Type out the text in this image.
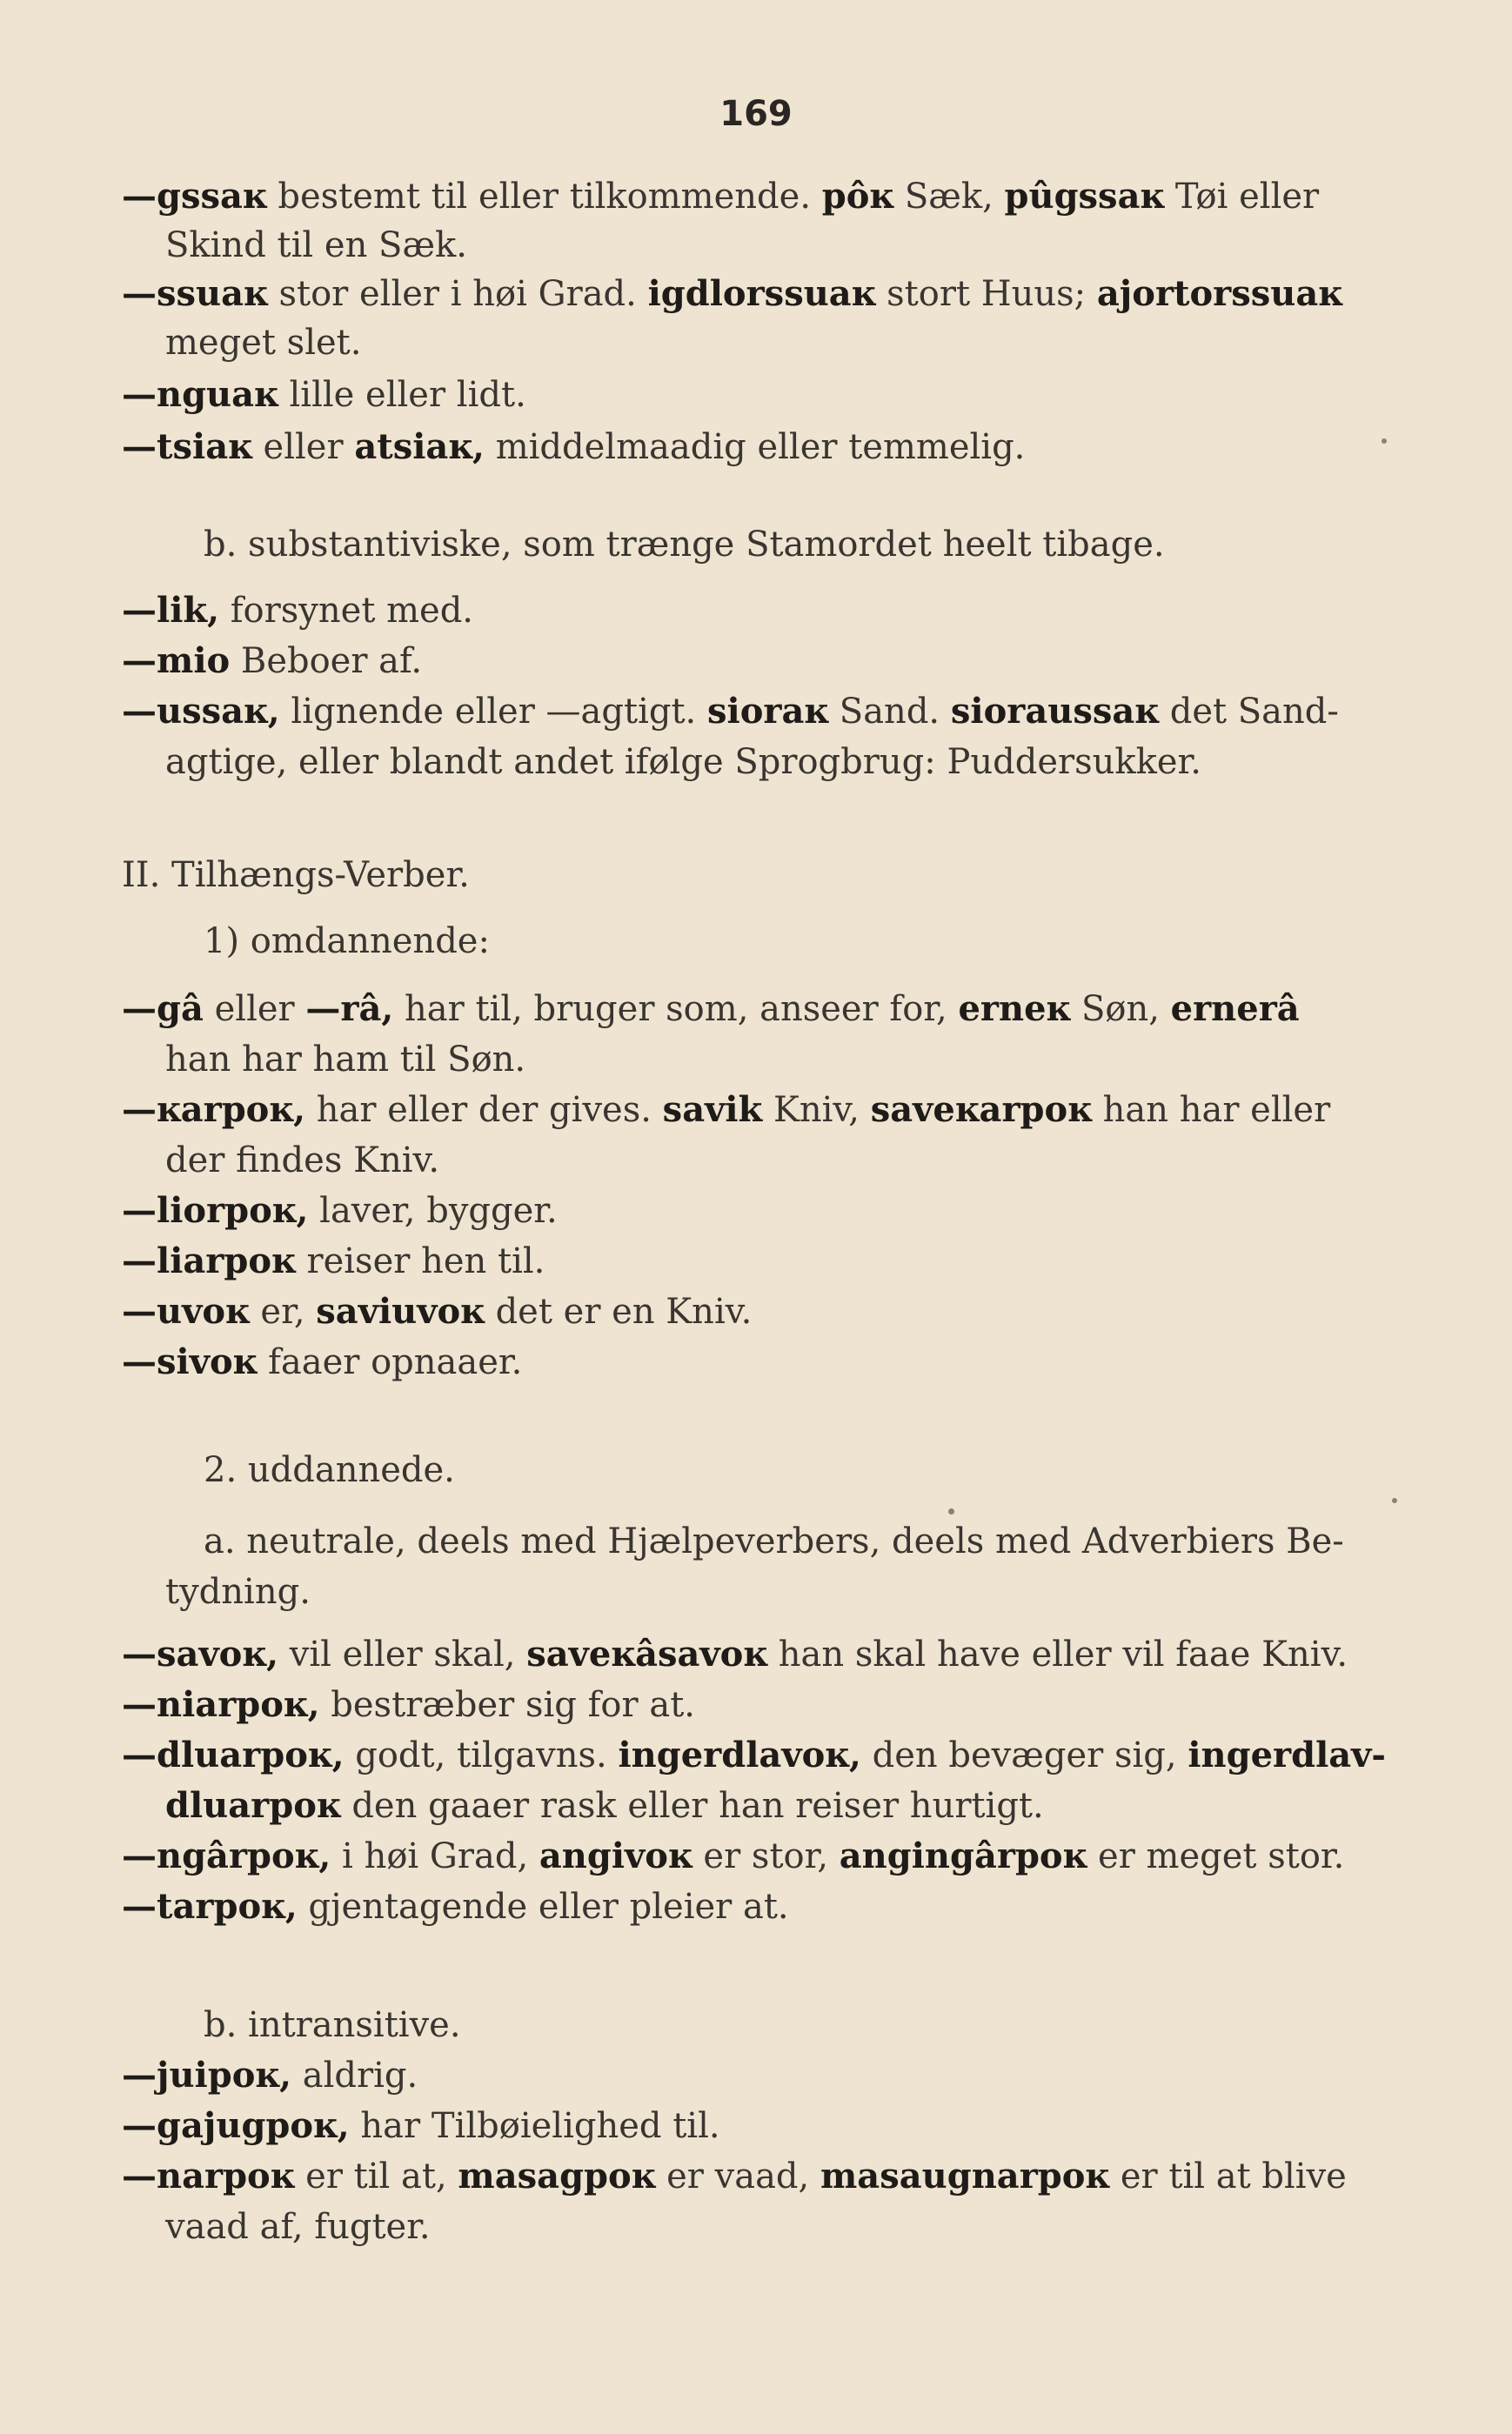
169
—gssaĸ bestemt til eller tilkommende. pôĸ Sæk, pûgssaĸ Tøi eller
Skind til en Sæk.
—ssuaĸ stor eller i høi Grad. igdlorssuaĸ stort Huus; ajortorssuaĸ
meget slet.
—nguaĸ lille eller lidt.
—tsiaĸ eller atsiaĸ, middelmaadig eller temmelig.
b. substantiviske, som trænge Stamordet heelt tibage.
—lik, forsynet med.
—mio Beboer af.
—ussaĸ, lignende eller —agtigt. sioraĸ Sand. sioraussaĸ det Sand-
agtige, eller blandt andet ifølge Sprogbrug: Puddersukker.
II. Tilhængs-Verber.
1) omdannende:
—gâ eller —râ, har til, bruger som, anseer for, erneĸ Søn, ernerâ
han har ham til Søn.
—ĸarpoĸ, har eller der gives. savik Kniv, saveĸarpoĸ han har eller
der findes Kniv.
—liorpoĸ, laver, bygger.
—liarpoĸ reiser hen til.
—uvoĸ er, saviuvoĸ det er en Kniv.
—sivoĸ faaer opnaaer.
2. uddannede.
a. neutrale, deels med Hjælpeverbers, deels med Adverbiers Be-
tydning.
—savoĸ, vil eller skal, saveĸâsavoĸ han skal have eller vil faae Kniv.
—niarpoĸ, bestræber sig for at.
—dluarpoĸ, godt, tilgavns. ingerdlavoĸ, den bevæger sig, ingerdlav-
dluarpoĸ den gaaer rask eller han reiser hurtigt.
—ngârpoĸ, i høi Grad, angivoĸ er stor, angingârpoĸ er meget stor.
—tarpoĸ, gjentagende eller pleier at.
b. intransitive.
—juipoĸ, aldrig.
—gajugpoĸ, har Tilbøielighed til.
—narpoĸ er til at, masagpoĸ er vaad, masaugnarpoĸ er til at blive
vaad af, fugter.
